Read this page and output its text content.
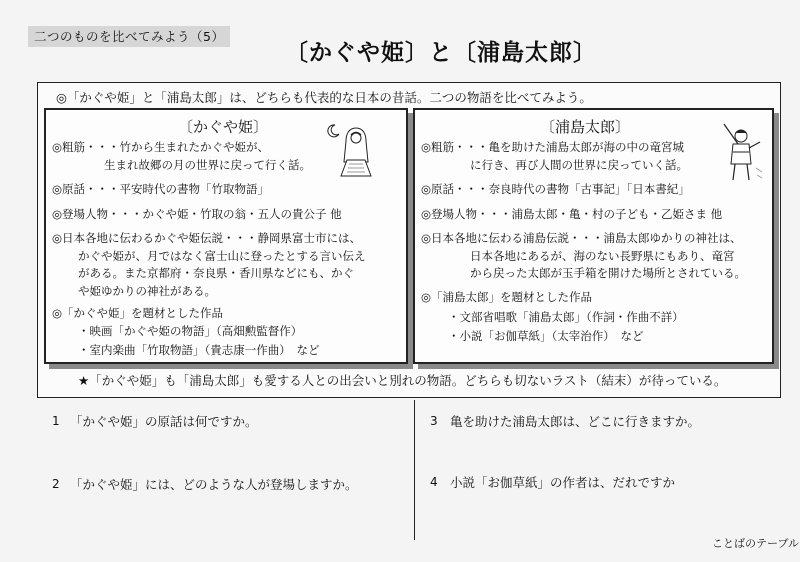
二つのものを比べてみよう（5）
〔かぐや姫〕と〔浦島太郎〕
◎「かぐや姫」と「浦島太郎」は、どちらも代表的な日本の昔話。二つの物語を比べてみよう。
〔かぐや姫〕
◎粗筋・・・竹から生まれたかぐや姫が、
生まれ故郷の月の世界に戻って行く話。
◎原話・・・平安時代の書物「竹取物語」
◎登場人物・・・かぐや姫・竹取の翁・五人の貴公子 他
◎日本各地に伝わるかぐや姫伝説・・・静岡県富士市には、
かぐや姫が、月ではなく富士山に登ったとする言い伝え
がある。また京都府・奈良県・香川県などにも、かぐ
や姫ゆかりの神社がある。
◎「かぐや姫」を題材とした作品
・映画「かぐや姫の物語」（高畑勲監督作）
・室内楽曲「竹取物語」（貴志康一作曲）　など
〔浦島太郎〕
◎粗筋・・・亀を助けた浦島太郎が海の中の竜宮城
に行き、再び人間の世界に戻っていく話。
◎原話・・・奈良時代の書物「古事記」「日本書紀」
◎登場人物・・・浦島太郎・亀・村の子ども・乙姫さま 他
◎日本各地に伝わる浦島伝説・・・浦島太郎ゆかりの神社は、
日本各地にあるが、海のない長野県にもあり、竜宮
から戻った太郎が玉手箱を開けた場所とされている。
◎「浦島太郎」を題材とした作品
・文部省唱歌「浦島太郎」（作詞・作曲不詳）
・小説「お伽草紙」（太宰治作）　など
★「かぐや姫」も「浦島太郎」も愛する人との出会いと別れの物語。どちらも切ないラスト（結末）が待っている。
1 「かぐや姫」の原話は何ですか。
2 「かぐや姫」には、どのような人が登場しますか。
3 亀を助けた浦島太郎は、どこに行きますか。
4 小説「お伽草紙」の作者は、だれですか
ことばのテーブル
